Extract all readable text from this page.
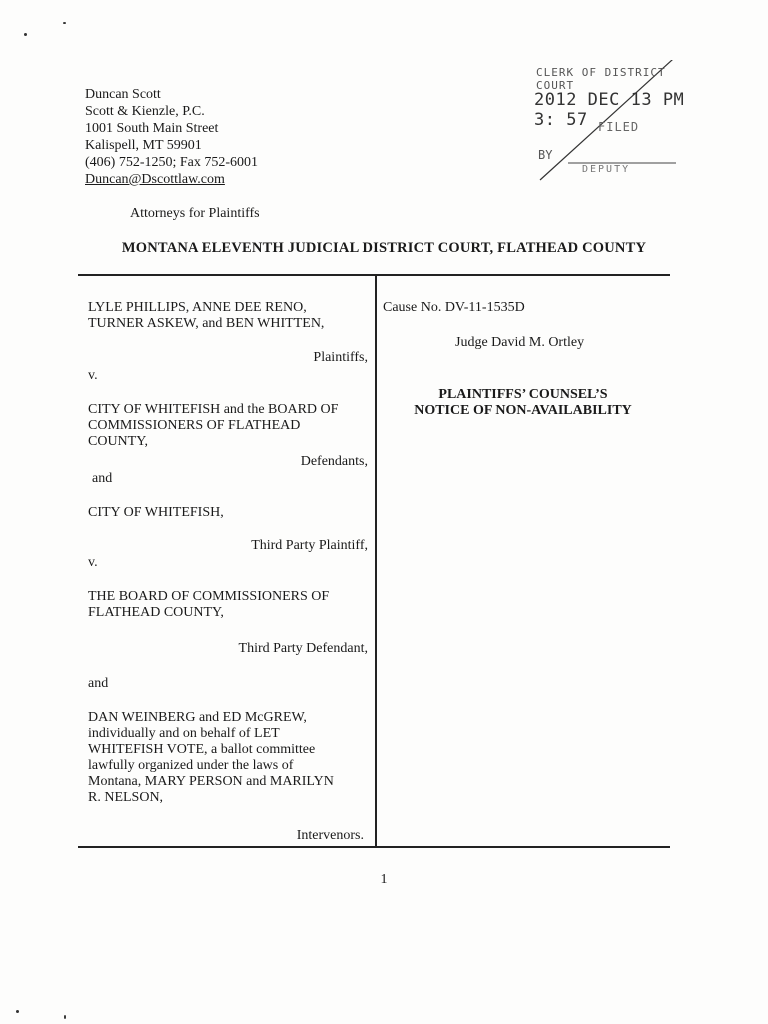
Duncan Scott
Scott & Kienzle, P.C.
1001 South Main Street
Kalispell, MT 59901
(406) 752-1250; Fax 752-6001
Duncan@Dscottlaw.com
Attorneys for Plaintiffs
CLERK OF DISTRICT COURT
2012 DEC 13 PM 3: 57 FILED
BY
DEPUTY
MONTANA ELEVENTH JUDICIAL DISTRICT COURT, FLATHEAD COUNTY
LYLE PHILLIPS, ANNE DEE RENO,
TURNER ASKEW, and BEN WHITTEN,
Plaintiffs,
v.
CITY OF WHITEFISH and the BOARD OF
COMMISSIONERS OF FLATHEAD
COUNTY,
Defendants,
and
CITY OF WHITEFISH,
Third Party Plaintiff,
v.
THE BOARD OF COMMISSIONERS OF
FLATHEAD COUNTY,
Third Party Defendant,
and
DAN WEINBERG and ED McGREW,
individually and on behalf of LET
WHITEFISH VOTE, a ballot committee
lawfully organized under the laws of
Montana, MARY PERSON and MARILYN
R. NELSON,
Intervenors.
Cause No. DV-11-1535D
Judge David M. Ortley
PLAINTIFFS’ COUNSEL’S
NOTICE OF NON-AVAILABILITY
1
